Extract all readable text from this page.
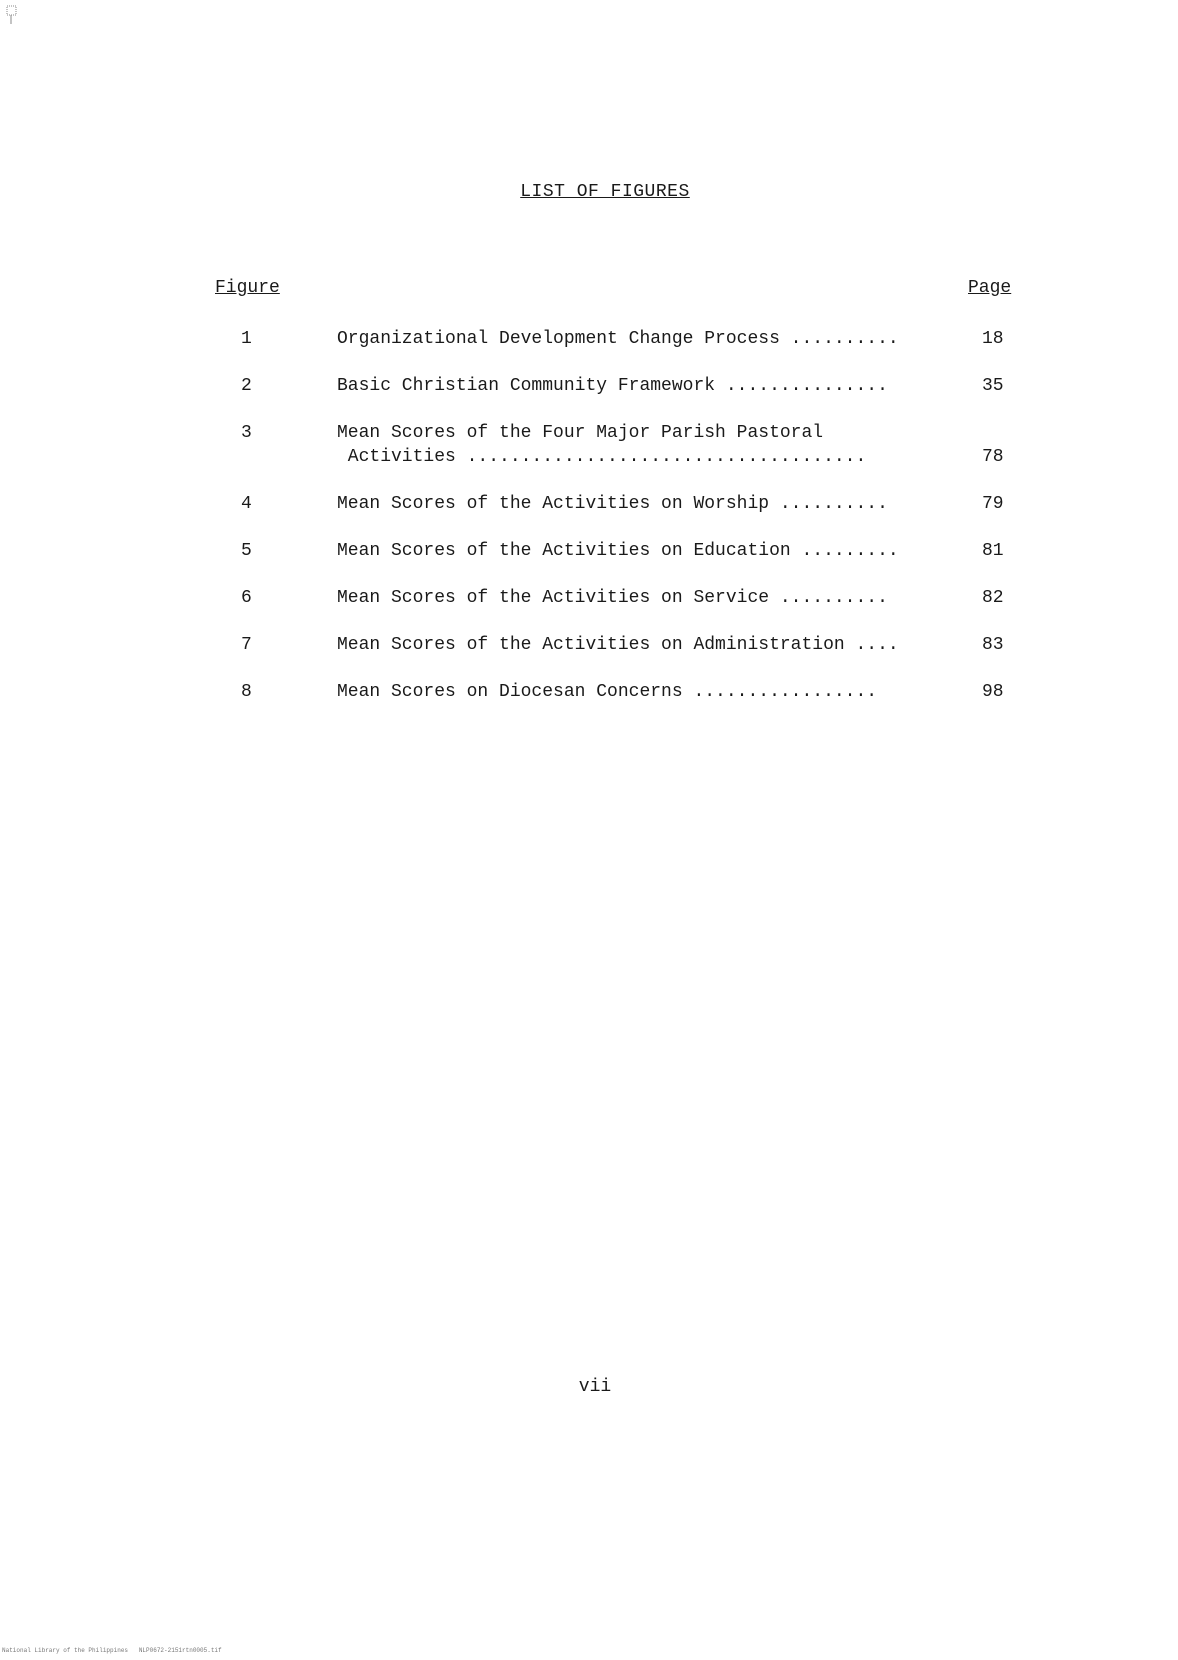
LIST OF FIGURES
Figure	Page
1	Organizational Development Change Process ..........	18
2	Basic Christian Community Framework ...............	35
3	Mean Scores of the Four Major Parish Pastoral
Activities .....................................	78
4	Mean Scores of the Activities on Worship ..........	79
5	Mean Scores of the Activities on Education .........	81
6	Mean Scores of the Activities on Service ..........	82
7	Mean Scores of the Activities on Administration ....	83
8	Mean Scores on Diocesan Concerns .................	98
vii
National Library of the Philippines   NLP0672-2151rtn0005.tif
